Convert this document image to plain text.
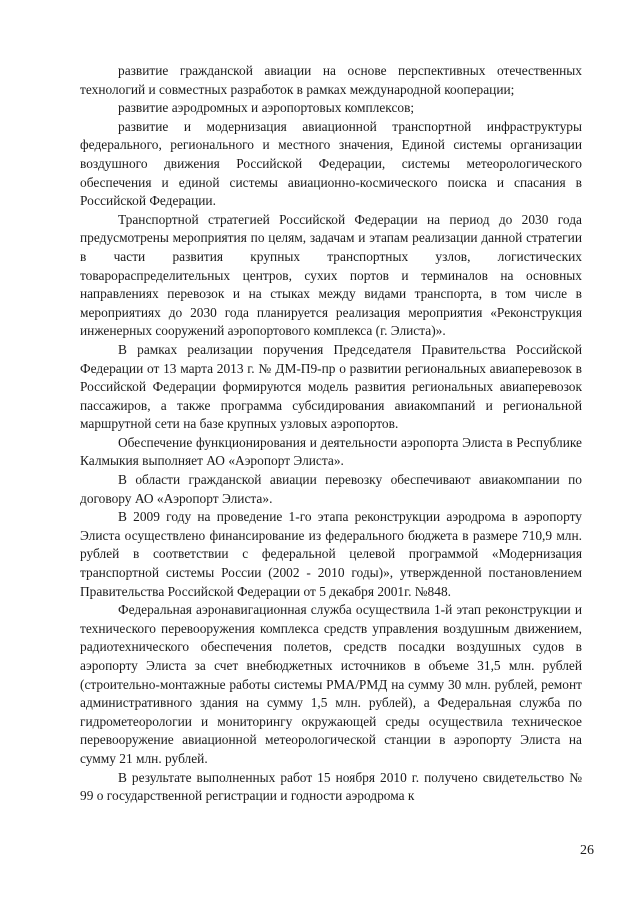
развитие гражданской авиации на основе перспективных отечественных технологий и совместных разработок в рамках международной кооперации;

развитие аэродромных и аэропортовых комплексов;

развитие и модернизация авиационной транспортной инфраструктуры федерального, регионального и местного значения, Единой системы организации воздушного движения Российской Федерации, системы метеорологического обеспечения и единой системы авиационно-космического поиска и спасания в Российской Федерации.

Транспортной стратегией Российской Федерации на период до 2030 года предусмотрены мероприятия по целям, задачам и этапам реализации данной стратегии в части развития крупных транспортных узлов, логистических товарораспределительных центров, сухих портов и терминалов на основных направлениях перевозок и на стыках между видами транспорта, в том числе в мероприятиях до 2030 года планируется реализация мероприятия «Реконструкция инженерных сооружений аэропортового комплекса (г. Элиста)».

В рамках реализации поручения Председателя Правительства Российской Федерации от 13 марта 2013 г. № ДМ-П9-пр о развитии региональных авиаперевозок в Российской Федерации формируются модель развития региональных авиаперевозок пассажиров, а также программа субсидирования авиакомпаний и региональной маршрутной сети на базе крупных узловых аэропортов.

Обеспечение функционирования и деятельности аэропорта Элиста в Республике Калмыкия выполняет АО «Аэропорт Элиста».

В области гражданской авиации перевозку обеспечивают авиакомпании по договору АО «Аэропорт Элиста».

В 2009 году на проведение 1-го этапа реконструкции аэродрома в аэропорту Элиста осуществлено финансирование из федерального бюджета в размере 710,9 млн. рублей в соответствии с федеральной целевой программой «Модернизация транспортной системы России (2002 - 2010 годы)», утвержденной постановлением Правительства Российской Федерации от 5 декабря 2001г. №848.

Федеральная аэронавигационная служба осуществила 1-й этап реконструкции и технического перевооружения комплекса средств управления воздушным движением, радиотехнического обеспечения полетов, средств посадки воздушных судов в аэропорту Элиста за счет внебюджетных источников в объеме 31,5 млн. рублей (строительно-монтажные работы системы РМА/РМД на сумму 30 млн. рублей, ремонт административного здания на сумму 1,5 млн. рублей), а Федеральная служба по гидрометеорологии и мониторингу окружающей среды осуществила техническое перевооружение авиационной метеорологической станции в аэропорту Элиста на сумму 21 млн. рублей.

В результате выполненных работ 15 ноября 2010 г. получено свидетельство № 99 о государственной регистрации и годности аэродрома к

26
